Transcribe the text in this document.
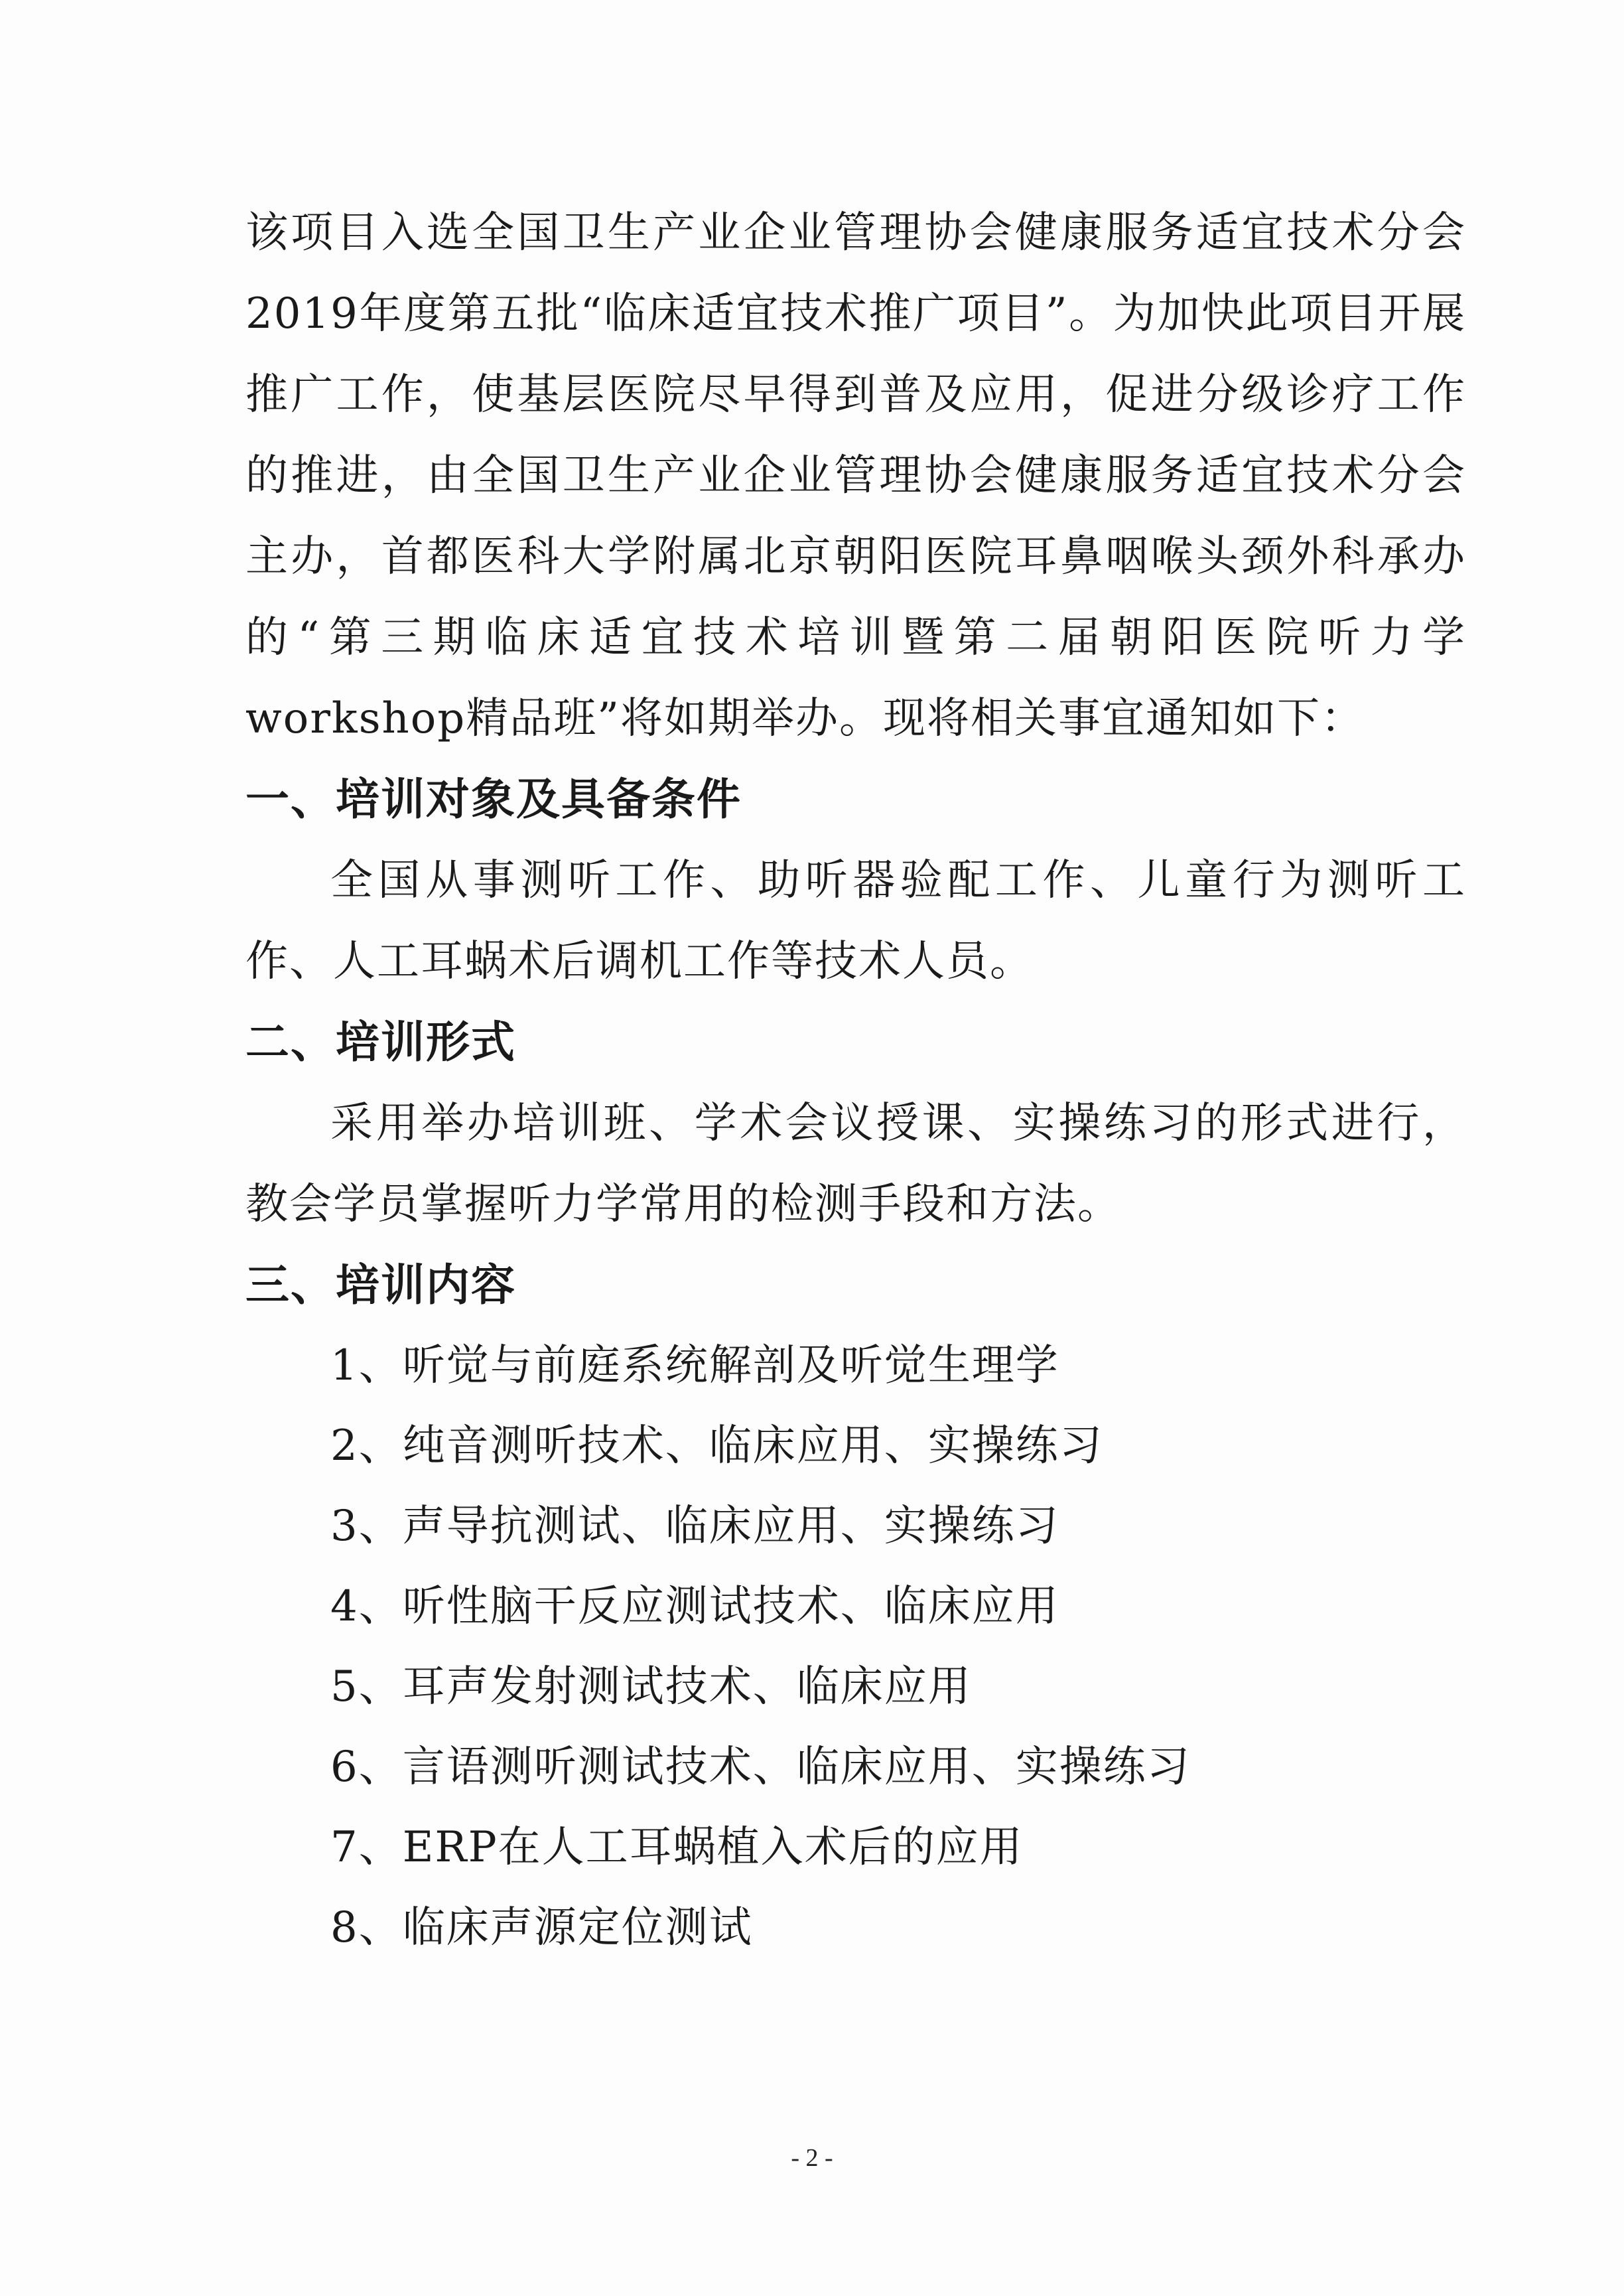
该项目入选全国卫生产业企业管理协会健康服务适宜技术分会2019年度第五批“临床适宜技术推广项目”。为加快此项目开展推广工作，使基层医院尽早得到普及应用，促进分级诊疗工作的推进，由全国卫生产业企业管理协会健康服务适宜技术分会主办，首都医科大学附属北京朝阳医院耳鼻咽喉头颈外科承办的“第三期临床适宜技术培训暨第二届朝阳医院听力学workshop精品班”将如期举办。现将相关事宜通知如下：

一、培训对象及具备条件

全国从事测听工作、助听器验配工作、儿童行为测听工作、人工耳蜗术后调机工作等技术人员。

二、培训形式

采用举办培训班、学术会议授课、实操练习的形式进行，教会学员掌握听力学常用的检测手段和方法。

三、培训内容
1、听觉与前庭系统解剖及听觉生理学
2、纯音测听技术、临床应用、实操练习
3、声导抗测试、临床应用、实操练习
4、听性脑干反应测试技术、临床应用
5、耳声发射测试技术、临床应用
6、言语测听测试技术、临床应用、实操练习
7、ERP在人工耳蜗植入术后的应用
8、临床声源定位测试
- 2 -
